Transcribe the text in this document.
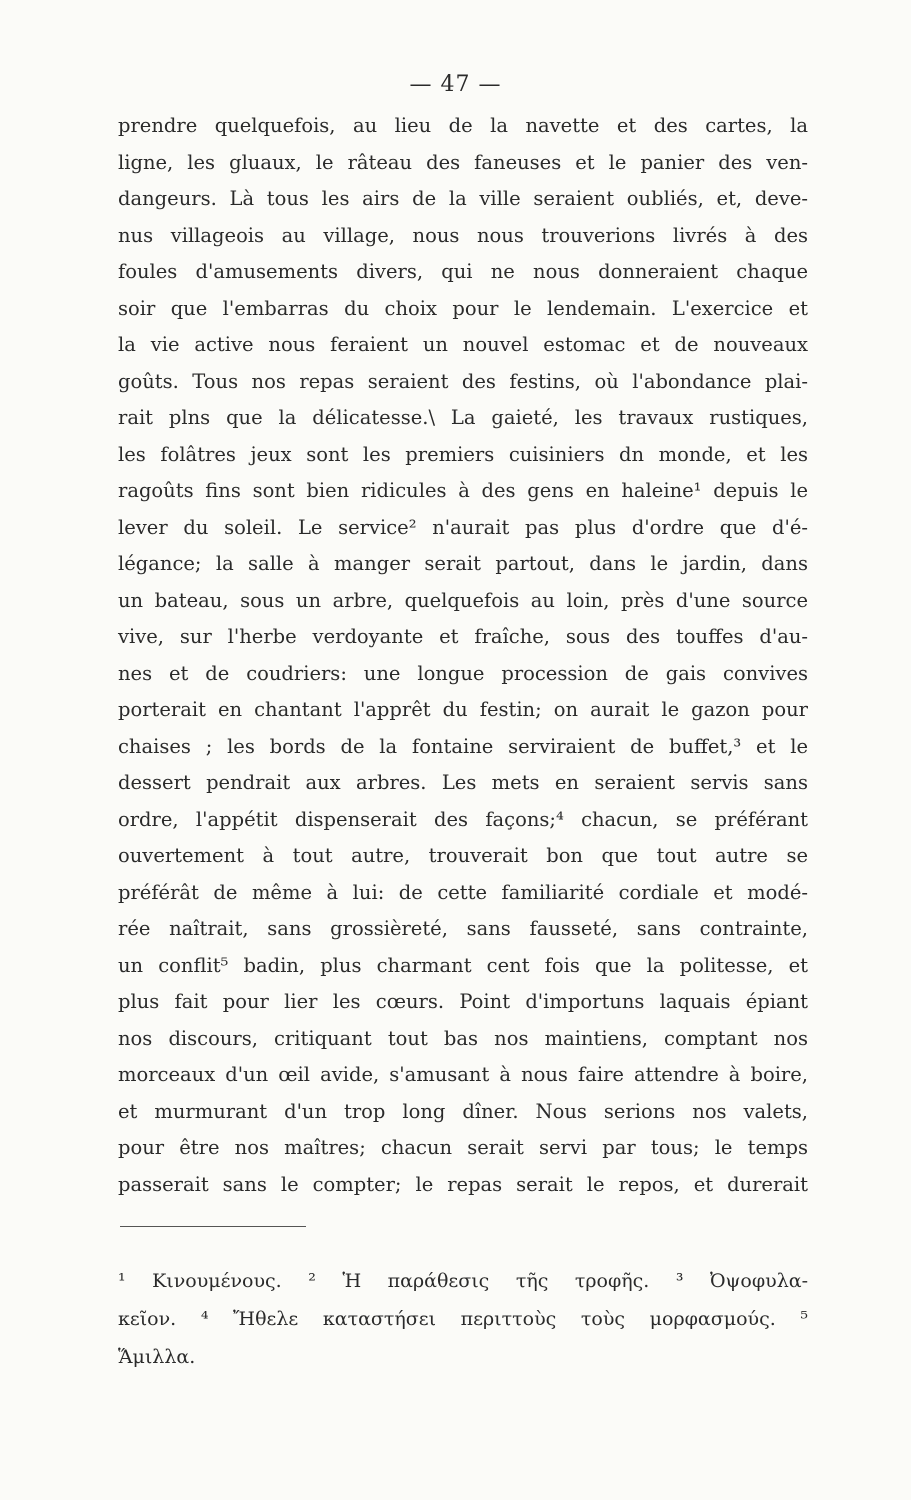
— 47 —
prendre quelquefois, au lieu de la navette et des cartes, la
ligne, les gluaux, le râteau des faneuses et le panier des ven-
dangeurs. Là tous les airs de la ville seraient oubliés, et, deve-
nus villageois au village, nous nous trouverions livrés à des
foules d'amusements divers, qui ne nous donneraient chaque
soir que l'embarras du choix pour le lendemain. L'exercice et
la vie active nous feraient un nouvel estomac et de nouveaux
goûts. Tous nos repas seraient des festins, où l'abondance plai-
rait plns que la délicatesse.\ La gaieté, les travaux rustiques,
les folâtres jeux sont les premiers cuisiniers dn monde, et les
ragoûts fins sont bien ridicules à des gens en haleine¹ depuis le
lever du soleil. Le service² n'aurait pas plus d'ordre que d'é-
légance; la salle à manger serait partout, dans le jardin, dans
un bateau, sous un arbre, quelquefois au loin, près d'une source
vive, sur l'herbe verdoyante et fraîche, sous des touffes d'au-
nes et de coudriers: une longue procession de gais convives
porterait en chantant l'apprêt du festin; on aurait le gazon pour
chaises ; les bords de la fontaine serviraient de buffet,³ et le
dessert pendrait aux arbres. Les mets en seraient servis sans
ordre, l'appétit dispenserait des façons;⁴ chacun, se préférant
ouvertement à tout autre, trouverait bon que tout autre se
préférât de même à lui: de cette familiarité cordiale et modé-
rée naîtrait, sans grossièreté, sans fausseté, sans contrainte,
un conflit⁵ badin, plus charmant cent fois que la politesse, et
plus fait pour lier les cœurs. Point d'importuns laquais épiant
nos discours, critiquant tout bas nos maintiens, comptant nos
morceaux d'un œil avide, s'amusant à nous faire attendre à boire,
et murmurant d'un trop long dîner. Nous serions nos valets,
pour être nos maîtres; chacun serait servi par tous; le temps
passerait sans le compter; le repas serait le repos, et durerait
¹ Κινουμένους. ² Ἡ παράθεσις τῆς τροφῆς. ³ Ὀψοφυλα-
κεῖον. ⁴ Ἤθελε καταστήσει περιττοὺς τοὺς μορφασμούς. ⁵
Ἅμιλλα.
